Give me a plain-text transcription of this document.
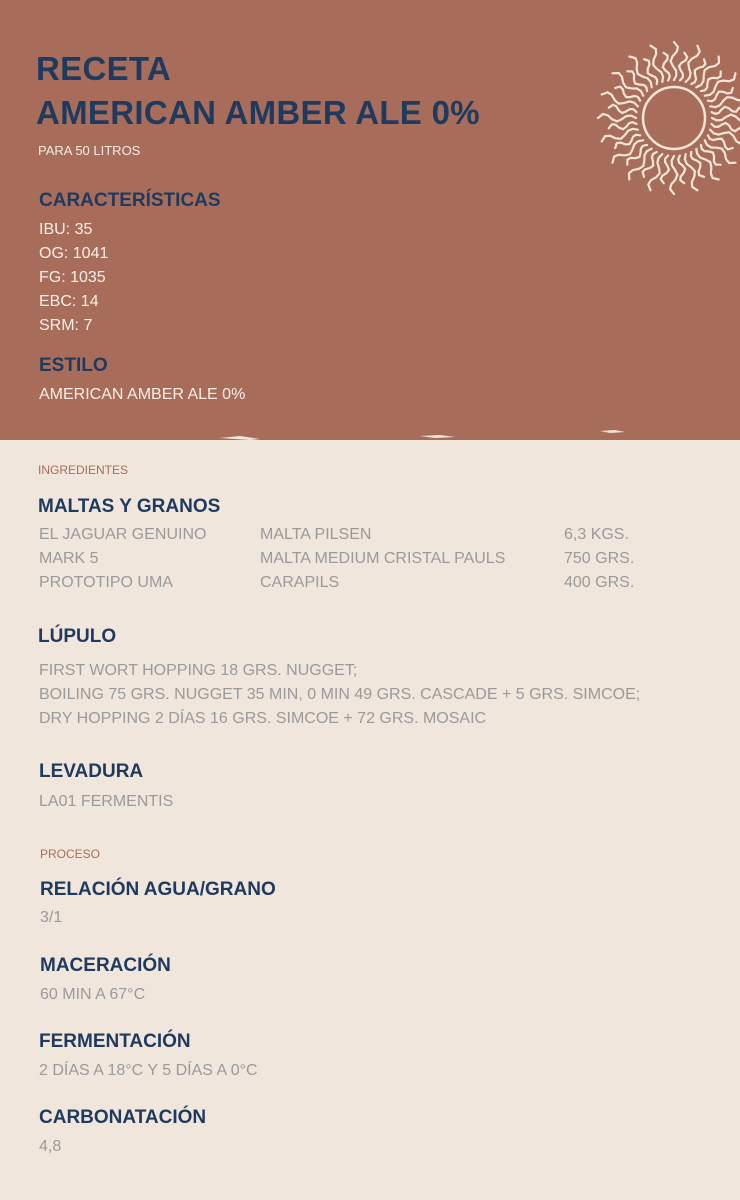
RECETA

AMERICAN AMBER ALE 0%

PARA 50 LITROS

CARACTERÍSTICAS

IBU: 35
OG: 1041
FG: 1035
EBC: 14
SRM: 7

ESTILO

AMERICAN AMBER ALE 0%

INGREDIENTES

MALTAS Y GRANOS

EL JAGUAR GENUINO	MALTA PILSEN	6,3 KGS.
MARK 5	MALTA MEDIUM CRISTAL PAULS	750 GRS.
PROTOTIPO UMA	CARAPILS	400 GRS.

LÚPULO

FIRST WORT HOPPING 18 GRS. NUGGET;
BOILING 75 GRS. NUGGET 35 MIN, 0 MIN 49 GRS. CASCADE + 5 GRS. SIMCOE;
DRY HOPPING 2 DÍAS 16 GRS. SIMCOE + 72 GRS. MOSAIC

LEVADURA

LA01 FERMENTIS

PROCESO

RELACIÓN AGUA/GRANO

3/1

MACERACIÓN

60 MIN A 67°C

FERMENTACIÓN

2 DÍAS A 18°C Y 5 DÍAS A 0°C

CARBONATACIÓN

4,8
